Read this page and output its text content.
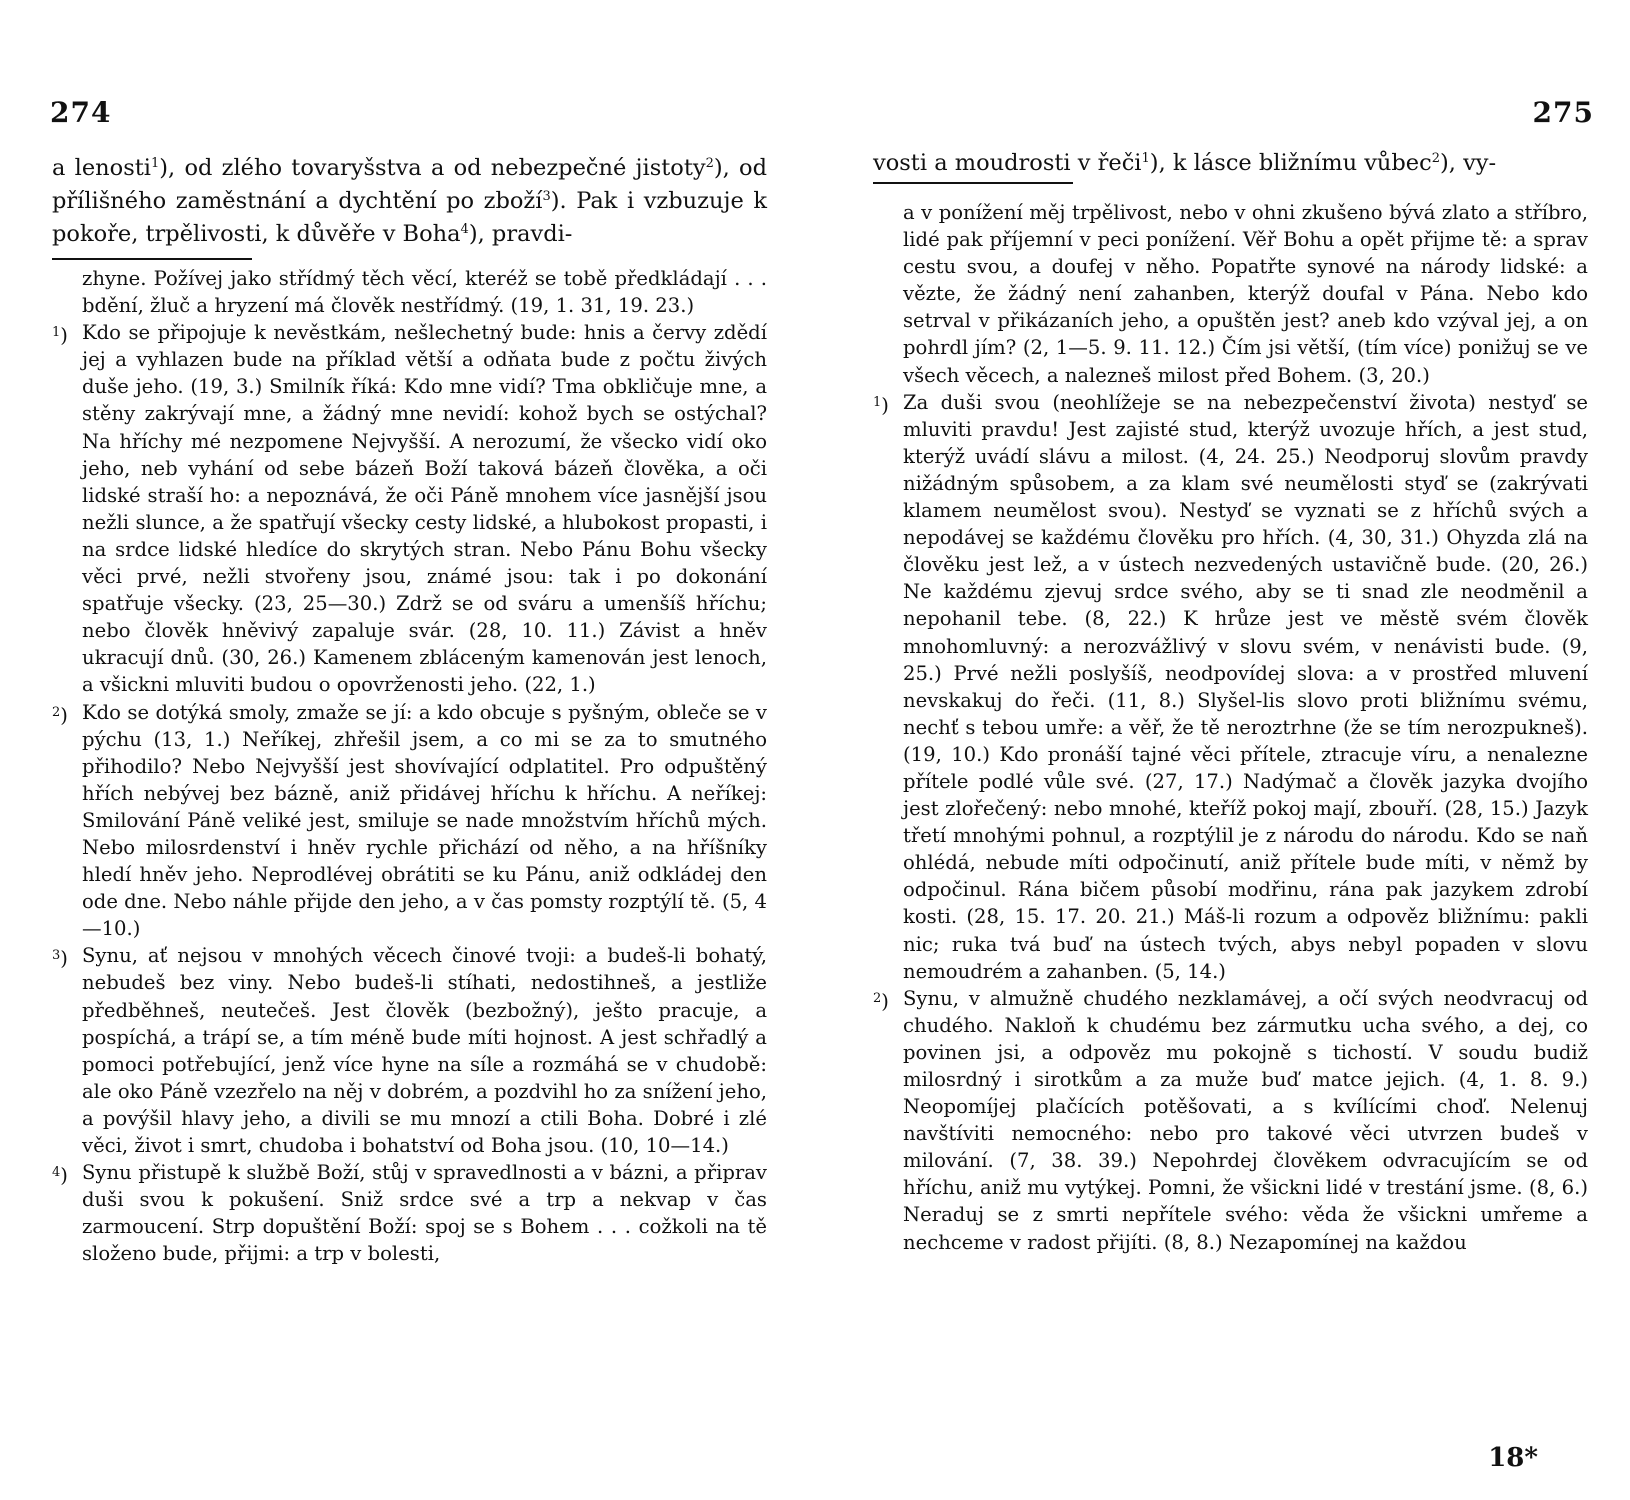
274
a lenosti$^1$), od zlého tovaryšstva a od nebezpečné jistoty$^2$), od přílišného zaměstnání a dychtění po zboží$^3$). Pak i vzbuzuje k pokoře, trpělivosti, k důvěře v Boha$^4$), pravdi-
zhyne. Požívej jako střídmý těch věcí, kteréž se tobě předkládají . . . bdění, žluč a hryzení má člověk nestřídmý. (19, 1. 31, 19. 23.)
$^1$) Kdo se připojuje k nevěstkám, nešlechetný bude: hnis a červy zdědí jej a vyhlazen bude na příklad větší a odňata bude z počtu živých duše jeho. (19, 3.) Smilník říká: Kdo mne vidí? Tma obkličuje mne, a stěny zakrývají mne, a žádný mne nevidí: kohož bych se ostýchal? Na hříchy mé nezpomene Nejvyšší. A nerozumí, že všecko vidí oko jeho, neb vyhání od sebe bázeň Boží taková bázeň člověka, a oči lidské straší ho: a nepoznává, že oči Páně mnohem více jasnější jsou nežli slunce, a že spatřují všecky cesty lidské, a hlubokost propasti, i na srdce lidské hledíce do skrytých stran. Nebo Pánu Bohu všecky věci prvé, nežli stvořeny jsou, známé jsou: tak i po dokonání spatřuje všecky. (23, 25—30.) Zdrž se od sváru a umenšíš hříchu; nebo člověk hněvivý zapaluje svár. (28, 10. 11.) Závist a hněv ukracují dnů. (30, 26.) Kamenem zbláceným kamenován jest lenoch, a všickni mluviti budou o opovrženosti jeho. (22, 1.)
$^2$) Kdo se dotýká smoly, zmaže se jí: a kdo obcuje s pyšným, obleče se v pýchu (13, 1.) Neříkej, zhřešil jsem, a co mi se za to smutného přihodilo? Nebo Nejvyšší jest shovívající odplatitel. Pro odpuštěný hřích nebývej bez bázně, aniž přidávej hříchu k hříchu. A neříkej: Smilování Páně veliké jest, smiluje se nade množstvím hříchů mých. Nebo milosrdenství i hněv rychle přichází od něho, a na hříšníky hledí hněv jeho. Neprodlévej obrátiti se ku Pánu, aniž odkládej den ode dne. Nebo náhle přijde den jeho, a v čas pomsty rozptýlí tě. (5, 4—10.)
$^3$) Synu, ať nejsou v mnohých věcech činové tvoji: a budeš-li bohatý, nebudeš bez viny. Nebo budeš-li stíhati, nedostihneš, a jestliže předběhneš, neutečeš. Jest člověk (bezbožný), ješto pracuje, a pospíchá, a trápí se, a tím méně bude míti hojnost. A jest schřadlý a pomoci potřebující, jenž více hyne na síle a rozmáhá se v chudobě: ale oko Páně vzezřelo na něj v dobrém, a pozdvihl ho za snížení jeho, a povýšil hlavy jeho, a divili se mu mnozí a ctili Boha. Dobré i zlé věci, život i smrt, chudoba i bohatství od Boha jsou. (10, 10—14.)
$^4$) Synu přistupě k službě Boží, stůj v spravedlnosti a v bázni, a připrav duši svou k pokušení. Sniž srdce své a trp a nekvap v čas zarmoucení. Strp dopuštění Boží: spoj se s Bohem . . . cožkoli na tě složeno bude, přijmi: a trp v bolesti,
275
vosti a moudrosti v řeči$^1$), k lásce bližnímu vůbec$^2$), vy-
a v ponížení měj trpělivost, nebo v ohni zkušeno bývá zlato a stříbro, lidé pak příjemní v peci ponížení. Věř Bohu a opět přijme tě: a sprav cestu svou, a doufej v něho. Popatřte synové na národy lidské: a vězte, že žádný není zahanben, kterýž doufal v Pána. Nebo kdo setrval v přikázaních jeho, a opuštěn jest? aneb kdo vzýval jej, a on pohrdl jím? (2, 1—5. 9. 11. 12.) Čím jsi větší, (tím více) ponižuj se ve všech věcech, a nalezneš milost před Bohem. (3, 20.)
$^1$) Za duši svou (neohlížeje se na nebezpečenství života) nestyď se mluviti pravdu! Jest zajisté stud, kterýž uvozuje hřích, a jest stud, kterýž uvádí slávu a milost. (4, 24. 25.) Neodporuj slovům pravdy nižádným spůsobem, a za klam své neumělosti styď se (zakrývati klamem neumělost svou). Nestyď se vyznati se z hříchů svých a nepodávej se každému člověku pro hřích. (4, 30, 31.) Ohyzda zlá na člověku jest lež, a v ústech nezvedených ustavičně bude. (20, 26.) Ne každému zjevuj srdce svého, aby se ti snad zle neodměnil a nepohanil tebe. (8, 22.) K hrůze jest ve městě svém člověk mnohomluvný: a nerozvážlivý v slovu svém, v nenávisti bude. (9, 25.) Prvé nežli poslyšíš, neodpovídej slova: a v prostřed mluvení nevskakuj do řeči. (11, 8.) Slyšel-lis slovo proti bližnímu svému, nechť s tebou umře: a věř, že tě neroztrhne (že se tím nerozpukneš). (19, 10.) Kdo pronáší tajné věci přítele, ztracuje víru, a nenalezne přítele podlé vůle své. (27, 17.) Nadýmač a člověk jazyka dvojího jest zlořečený: nebo mnohé, kteříž pokoj mají, zbouří. (28, 15.) Jazyk třetí mnohými pohnul, a rozptýlil je z národu do národu. Kdo se naň ohlédá, nebude míti odpočinutí, aniž přítele bude míti, v němž by odpočinul. Rána bičem působí modřinu, rána pak jazykem zdrobí kosti. (28, 15. 17. 20. 21.) Máš-li rozum a odpověz bližnímu: pakli nic; ruka tvá buď na ústech tvých, abys nebyl popaden v slovu nemoudrém a zahanben. (5, 14.)
$^2$) Synu, v almužně chudého nezklamávej, a očí svých neodvracuj od chudého. Nakloň k chudému bez zármutku ucha svého, a dej, co povinen jsi, a odpověz mu pokojně s tichostí. V soudu budiž milosrdný i sirotkům a za muže buď matce jejich. (4, 1. 8. 9.) Neopomíjej plačících potěšovati, a s kvílícími choď. Nelenuj navštíviti nemocného: nebo pro takové věci utvrzen budeš v milování. (7, 38. 39.) Nepohrdej člověkem odvracujícím se od hříchu, aniž mu vytýkej. Pomni, že všickni lidé v trestání jsme. (8, 6.) Neraduj se z smrti nepřítele svého: věda že všickni umřeme a nechceme v radost přijíti. (8, 8.) Nezapomínej na každou
18*
